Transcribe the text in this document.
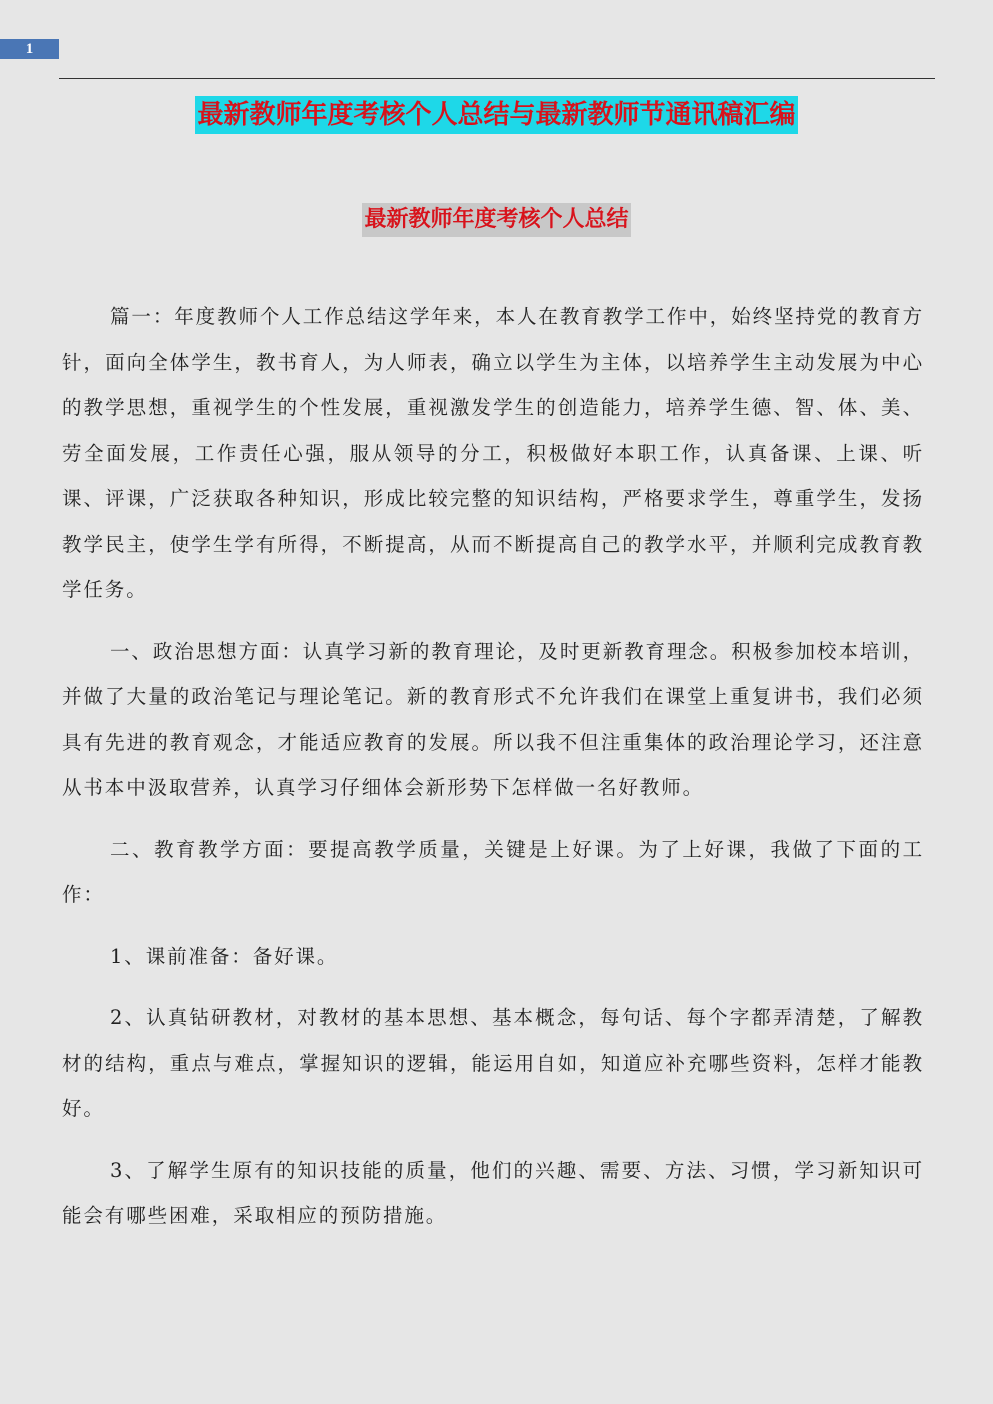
1
最新教师年度考核个人总结与最新教师节通讯稿汇编
最新教师年度考核个人总结

篇一：年度教师个人工作总结这学年来，本人在教育教学工作中，始终坚持党的教育方针，面向全体学生，教书育人，为人师表，确立以学生为主体，以培养学生主动发展为中心的教学思想，重视学生的个性发展，重视激发学生的创造能力，培养学生德、智、体、美、劳全面发展，工作责任心强，服从领导的分工，积极做好本职工作，认真备课、上课、听课、评课，广泛获取各种知识，形成比较完整的知识结构，严格要求学生，尊重学生，发扬教学民主，使学生学有所得，不断提高，从而不断提高自己的教学水平，并顺利完成教育教学任务。

一、政治思想方面：认真学习新的教育理论，及时更新教育理念。积极参加校本培训，并做了大量的政治笔记与理论笔记。新的教育形式不允许我们在课堂上重复讲书，我们必须具有先进的教育观念，才能适应教育的发展。所以我不但注重集体的政治理论学习，还注意从书本中汲取营养，认真学习仔细体会新形势下怎样做一名好教师。

二、教育教学方面：要提高教学质量，关键是上好课。为了上好课，我做了下面的工作：

1、课前准备：备好课。

2、认真钻研教材，对教材的基本思想、基本概念，每句话、每个字都弄清楚，了解教材的结构，重点与难点，掌握知识的逻辑，能运用自如，知道应补充哪些资料，怎样才能教好。

3、了解学生原有的知识技能的质量，他们的兴趣、需要、方法、习惯，学习新知识可能会有哪些困难，采取相应的预防措施。
